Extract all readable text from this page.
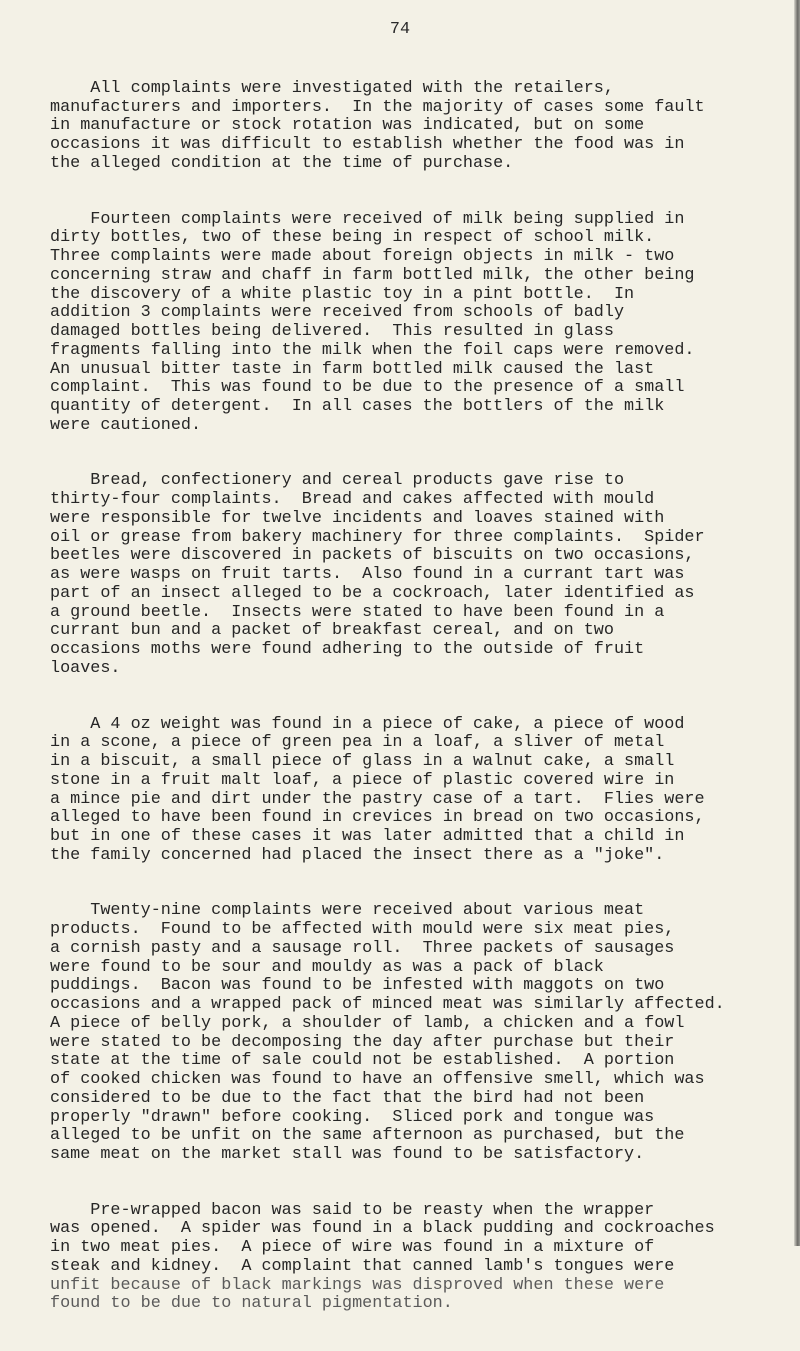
74
All complaints were investigated with the retailers,
manufacturers and importers.  In the majority of cases some fault
in manufacture or stock rotation was indicated, but on some
occasions it was difficult to establish whether the food was in
the alleged condition at the time of purchase.
Fourteen complaints were received of milk being supplied in
dirty bottles, two of these being in respect of school milk.
Three complaints were made about foreign objects in milk - two
concerning straw and chaff in farm bottled milk, the other being
the discovery of a white plastic toy in a pint bottle.  In
addition 3 complaints were received from schools of badly
damaged bottles being delivered.  This resulted in glass
fragments falling into the milk when the foil caps were removed.
An unusual bitter taste in farm bottled milk caused the last
complaint.  This was found to be due to the presence of a small
quantity of detergent.  In all cases the bottlers of the milk
were cautioned.
Bread, confectionery and cereal products gave rise to
thirty-four complaints.  Bread and cakes affected with mould
were responsible for twelve incidents and loaves stained with
oil or grease from bakery machinery for three complaints.  Spider
beetles were discovered in packets of biscuits on two occasions,
as were wasps on fruit tarts.  Also found in a currant tart was
part of an insect alleged to be a cockroach, later identified as
a ground beetle.  Insects were stated to have been found in a
currant bun and a packet of breakfast cereal, and on two
occasions moths were found adhering to the outside of fruit
loaves.
A 4 oz weight was found in a piece of cake, a piece of wood
in a scone, a piece of green pea in a loaf, a sliver of metal
in a biscuit, a small piece of glass in a walnut cake, a small
stone in a fruit malt loaf, a piece of plastic covered wire in
a mince pie and dirt under the pastry case of a tart.  Flies were
alleged to have been found in crevices in bread on two occasions,
but in one of these cases it was later admitted that a child in
the family concerned had placed the insect there as a "joke".
Twenty-nine complaints were received about various meat
products.  Found to be affected with mould were six meat pies,
a cornish pasty and a sausage roll.  Three packets of sausages
were found to be sour and mouldy as was a pack of black
puddings.  Bacon was found to be infested with maggots on two
occasions and a wrapped pack of minced meat was similarly affected.
A piece of belly pork, a shoulder of lamb, a chicken and a fowl
were stated to be decomposing the day after purchase but their
state at the time of sale could not be established.  A portion
of cooked chicken was found to have an offensive smell, which was
considered to be due to the fact that the bird had not been
properly "drawn" before cooking.  Sliced pork and tongue was
alleged to be unfit on the same afternoon as purchased, but the
same meat on the market stall was found to be satisfactory.
Pre-wrapped bacon was said to be reasty when the wrapper
was opened.  A spider was found in a black pudding and cockroaches
in two meat pies.  A piece of wire was found in a mixture of
steak and kidney.  A complaint that canned lamb's tongues were
unfit because of black markings was disproved when these were
found to be due to natural pigmentation.
